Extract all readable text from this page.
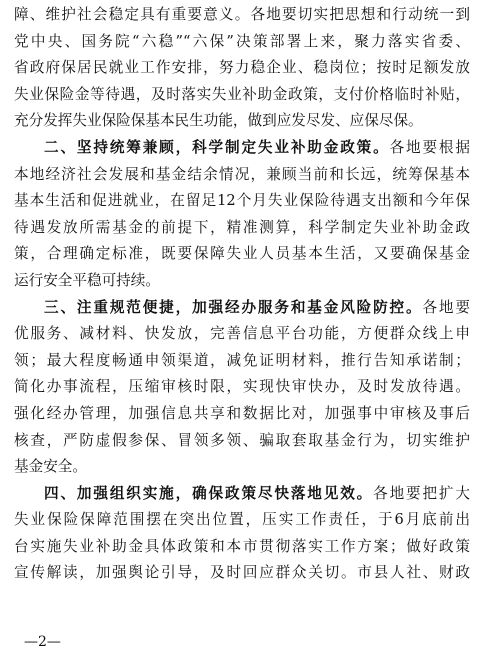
障、维护社会稳定具有重要意义。各地要切实把思想和行动统一到
党中央、国务院“六稳”“六保”决策部署上来，聚力落实省委、
省政府保居民就业工作安排，努力稳企业、稳岗位；按时足额发放
失业保险金等待遇，及时落实失业补助金政策，支付价格临时补贴，
充分发挥失业保险保基本民生功能，做到应发尽发、应保尽保。
二、坚持统筹兼顾，科学制定失业补助金政策。各地要根据
本地经济社会发展和基金结余情况，兼顾当前和长远，统筹保基本
基本生活和促进就业，在留足12个月失业保险待遇支出额和今年保
待遇发放所需基金的前提下，精准测算，科学制定失业补助金政
策，合理确定标准，既要保障失业人员基本生活，又要确保基金
运行安全平稳可持续。
三、注重规范便捷，加强经办服务和基金风险防控。各地要
优服务、减材料、快发放，完善信息平台功能，方便群众线上申
领；最大程度畅通申领渠道，减免证明材料，推行告知承诺制；
简化办事流程，压缩审核时限，实现快审快办，及时发放待遇。
强化经办管理，加强信息共享和数据比对，加强事中审核及事后
核查，严防虚假参保、冒领多领、骗取套取基金行为，切实维护
基金安全。
四、加强组织实施，确保政策尽快落地见效。各地要把扩大
失业保险保障范围摆在突出位置，压实工作责任，于6月底前出
台实施失业补助金具体政策和本市贯彻落实工作方案；做好政策
宣传解读，加强舆论引导，及时回应群众关切。市县人社、财政
—2—
